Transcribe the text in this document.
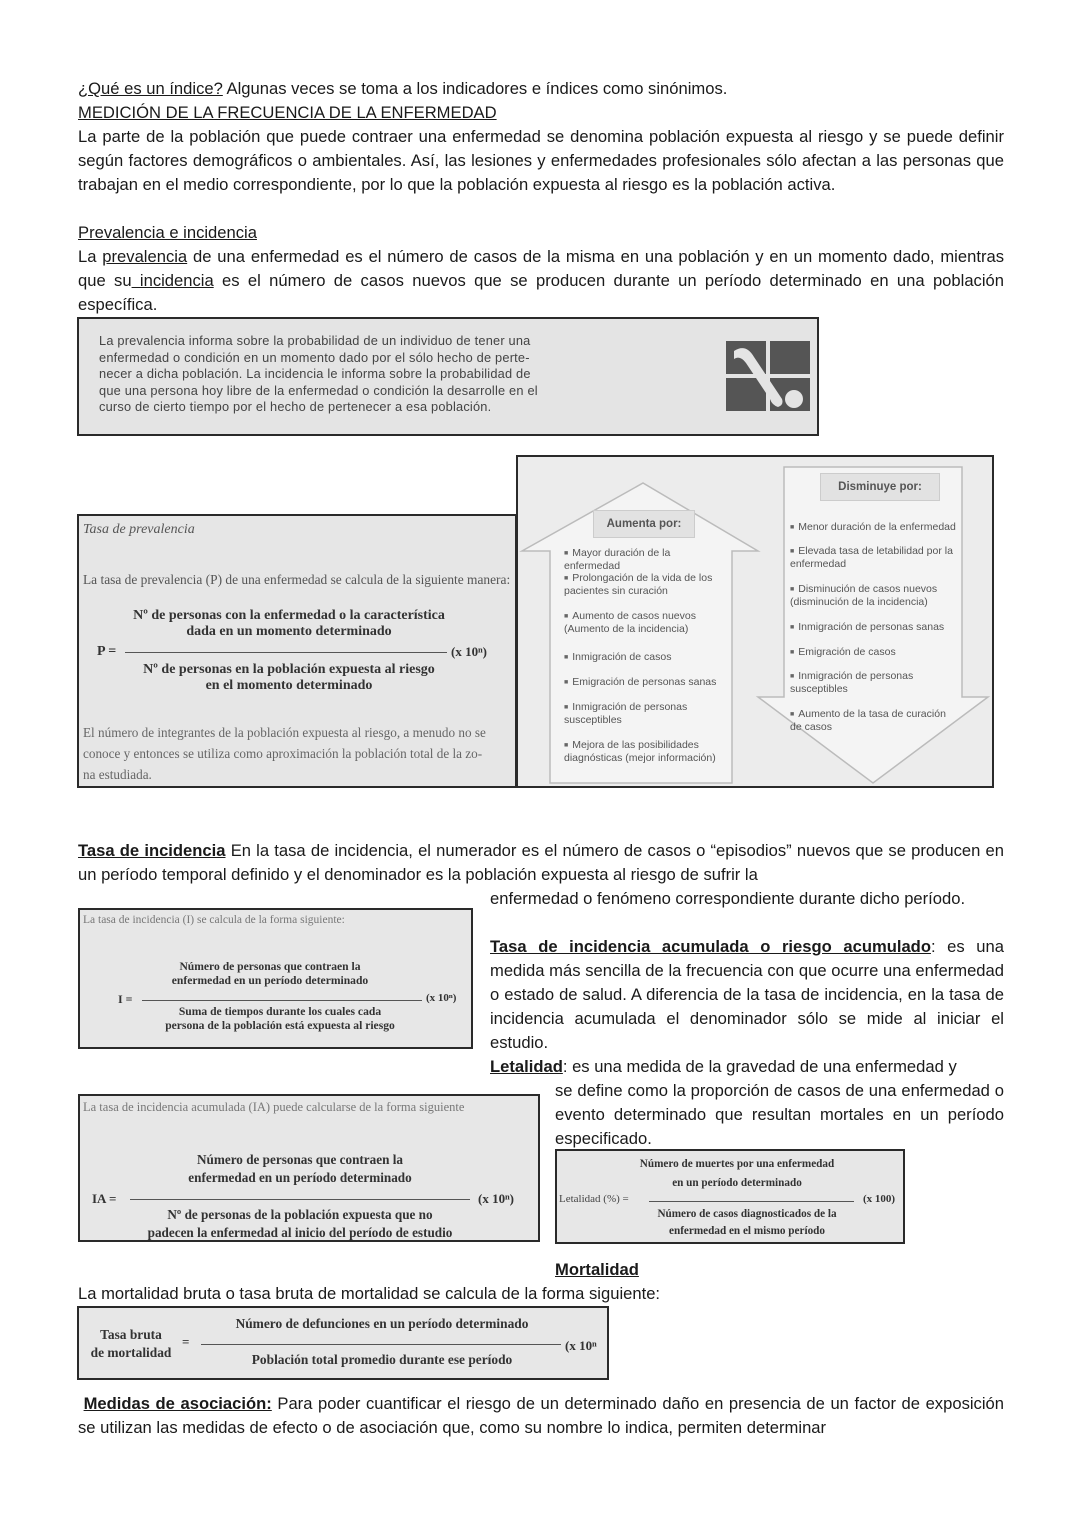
¿Qué es un índice? Algunas veces se toma a los indicadores e índices como sinónimos.
MEDICIÓN DE LA FRECUENCIA DE LA ENFERMEDAD
La parte de la población que puede contraer una enfermedad se denomina población expuesta al riesgo y se puede definir según factores demográficos o ambientales. Así, las lesiones y enfermedades profesionales sólo afectan a las personas que trabajan en el medio correspondiente, por lo que la población expuesta al riesgo es la población activa.
Prevalencia e incidencia
La prevalencia de una enfermedad es el número de casos de la misma en una población y en un momento dado, mientras que su incidencia es el número de casos nuevos que se producen durante un período determinado en una población específica.
La prevalencia informa sobre la probabilidad de un individuo de tener una
enfermedad o condición en un momento dado por el sólo hecho de perte-
necer a dicha población. La incidencia le informa sobre la probabilidad de
que una persona hoy libre de la enfermedad o condición la desarrolle en el
curso de cierto tiempo por el hecho de pertenecer a esa población.
Tasa de prevalencia
La tasa de prevalencia (P) de una enfermedad se calcula de la siguiente manera:
Nº de personas con la enfermedad o la característica
dada en un momento determinado
P =	(x 10ⁿ)
Nº de personas en la población expuesta al riesgo
en el momento determinado
El número de integrantes de la población expuesta al riesgo, a menudo no se
conoce y entonces se utiliza como aproximación la población total de la zo-
na estudiada.
Aumenta por:
Disminuye por:
■ Mayor duración de la enfermedad
■ Prolongación de la vida de los pacientes sin curación
■ Aumento de casos nuevos (Aumento de la incidencia)
■ Inmigración de casos
■ Emigración de personas sanas
■ Inmigración de personas susceptibles
■ Mejora de las posibilidades diagnósticas (mejor información)
■ Menor duración de la enfermedad
■ Elevada tasa de letabilidad por la enfermedad
■ Disminución de casos nuevos (disminución de la incidencia)
■ Inmigración de personas sanas
■ Emigración de casos
■ Inmigración de personas susceptibles
■ Aumento de la tasa de curación de casos
Tasa de incidencia En la tasa de incidencia, el numerador es el número de casos o “episodios” nuevos que se producen en un período temporal definido y el denominador es la población expuesta al riesgo de sufrir la
enfermedad o fenómeno correspondiente durante dicho período.
Tasa de incidencia acumulada o riesgo acumulado: es una medida más sencilla de la frecuencia con que ocurre una enfermedad o estado de salud. A diferencia de la tasa de incidencia, en la tasa de incidencia acumulada el denominador sólo se mide al iniciar el estudio.
Letalidad: es una medida de la gravedad de una enfermedad y
se define como la proporción de casos de una enfermedad o evento determinado que resultan mortales en un período especificado.
La tasa de incidencia (I) se calcula de la forma siguiente:
Número de personas que contraen la
enfermedad en un período determinado
I =	(x 10ⁿ)
Suma de tiempos durante los cuales cada
persona de la población está expuesta al riesgo
La tasa de incidencia acumulada (IA) puede calcularse de la forma siguiente
Número de personas que contraen la
enfermedad en un período determinado
IA =	(x 10ⁿ)
Nº de personas de la población expuesta que no
padecen la enfermedad al inicio del período de estudio
Número de muertes por una enfermedad
en un período determinado
Letalidad (%) =	(x 100)
Número de casos diagnosticados de la
enfermedad en el mismo período
Mortalidad
La mortalidad bruta o tasa bruta de mortalidad se calcula de la forma siguiente:
Tasa bruta
de mortalidad
=
Número de defunciones en un período determinado
(x 10ⁿ
Población total promedio durante ese período
Medidas de asociación: Para poder cuantificar el riesgo de un determinado daño en presencia de un factor de exposición se utilizan las medidas de efecto o de asociación que, como su nombre lo indica, permiten determinar
